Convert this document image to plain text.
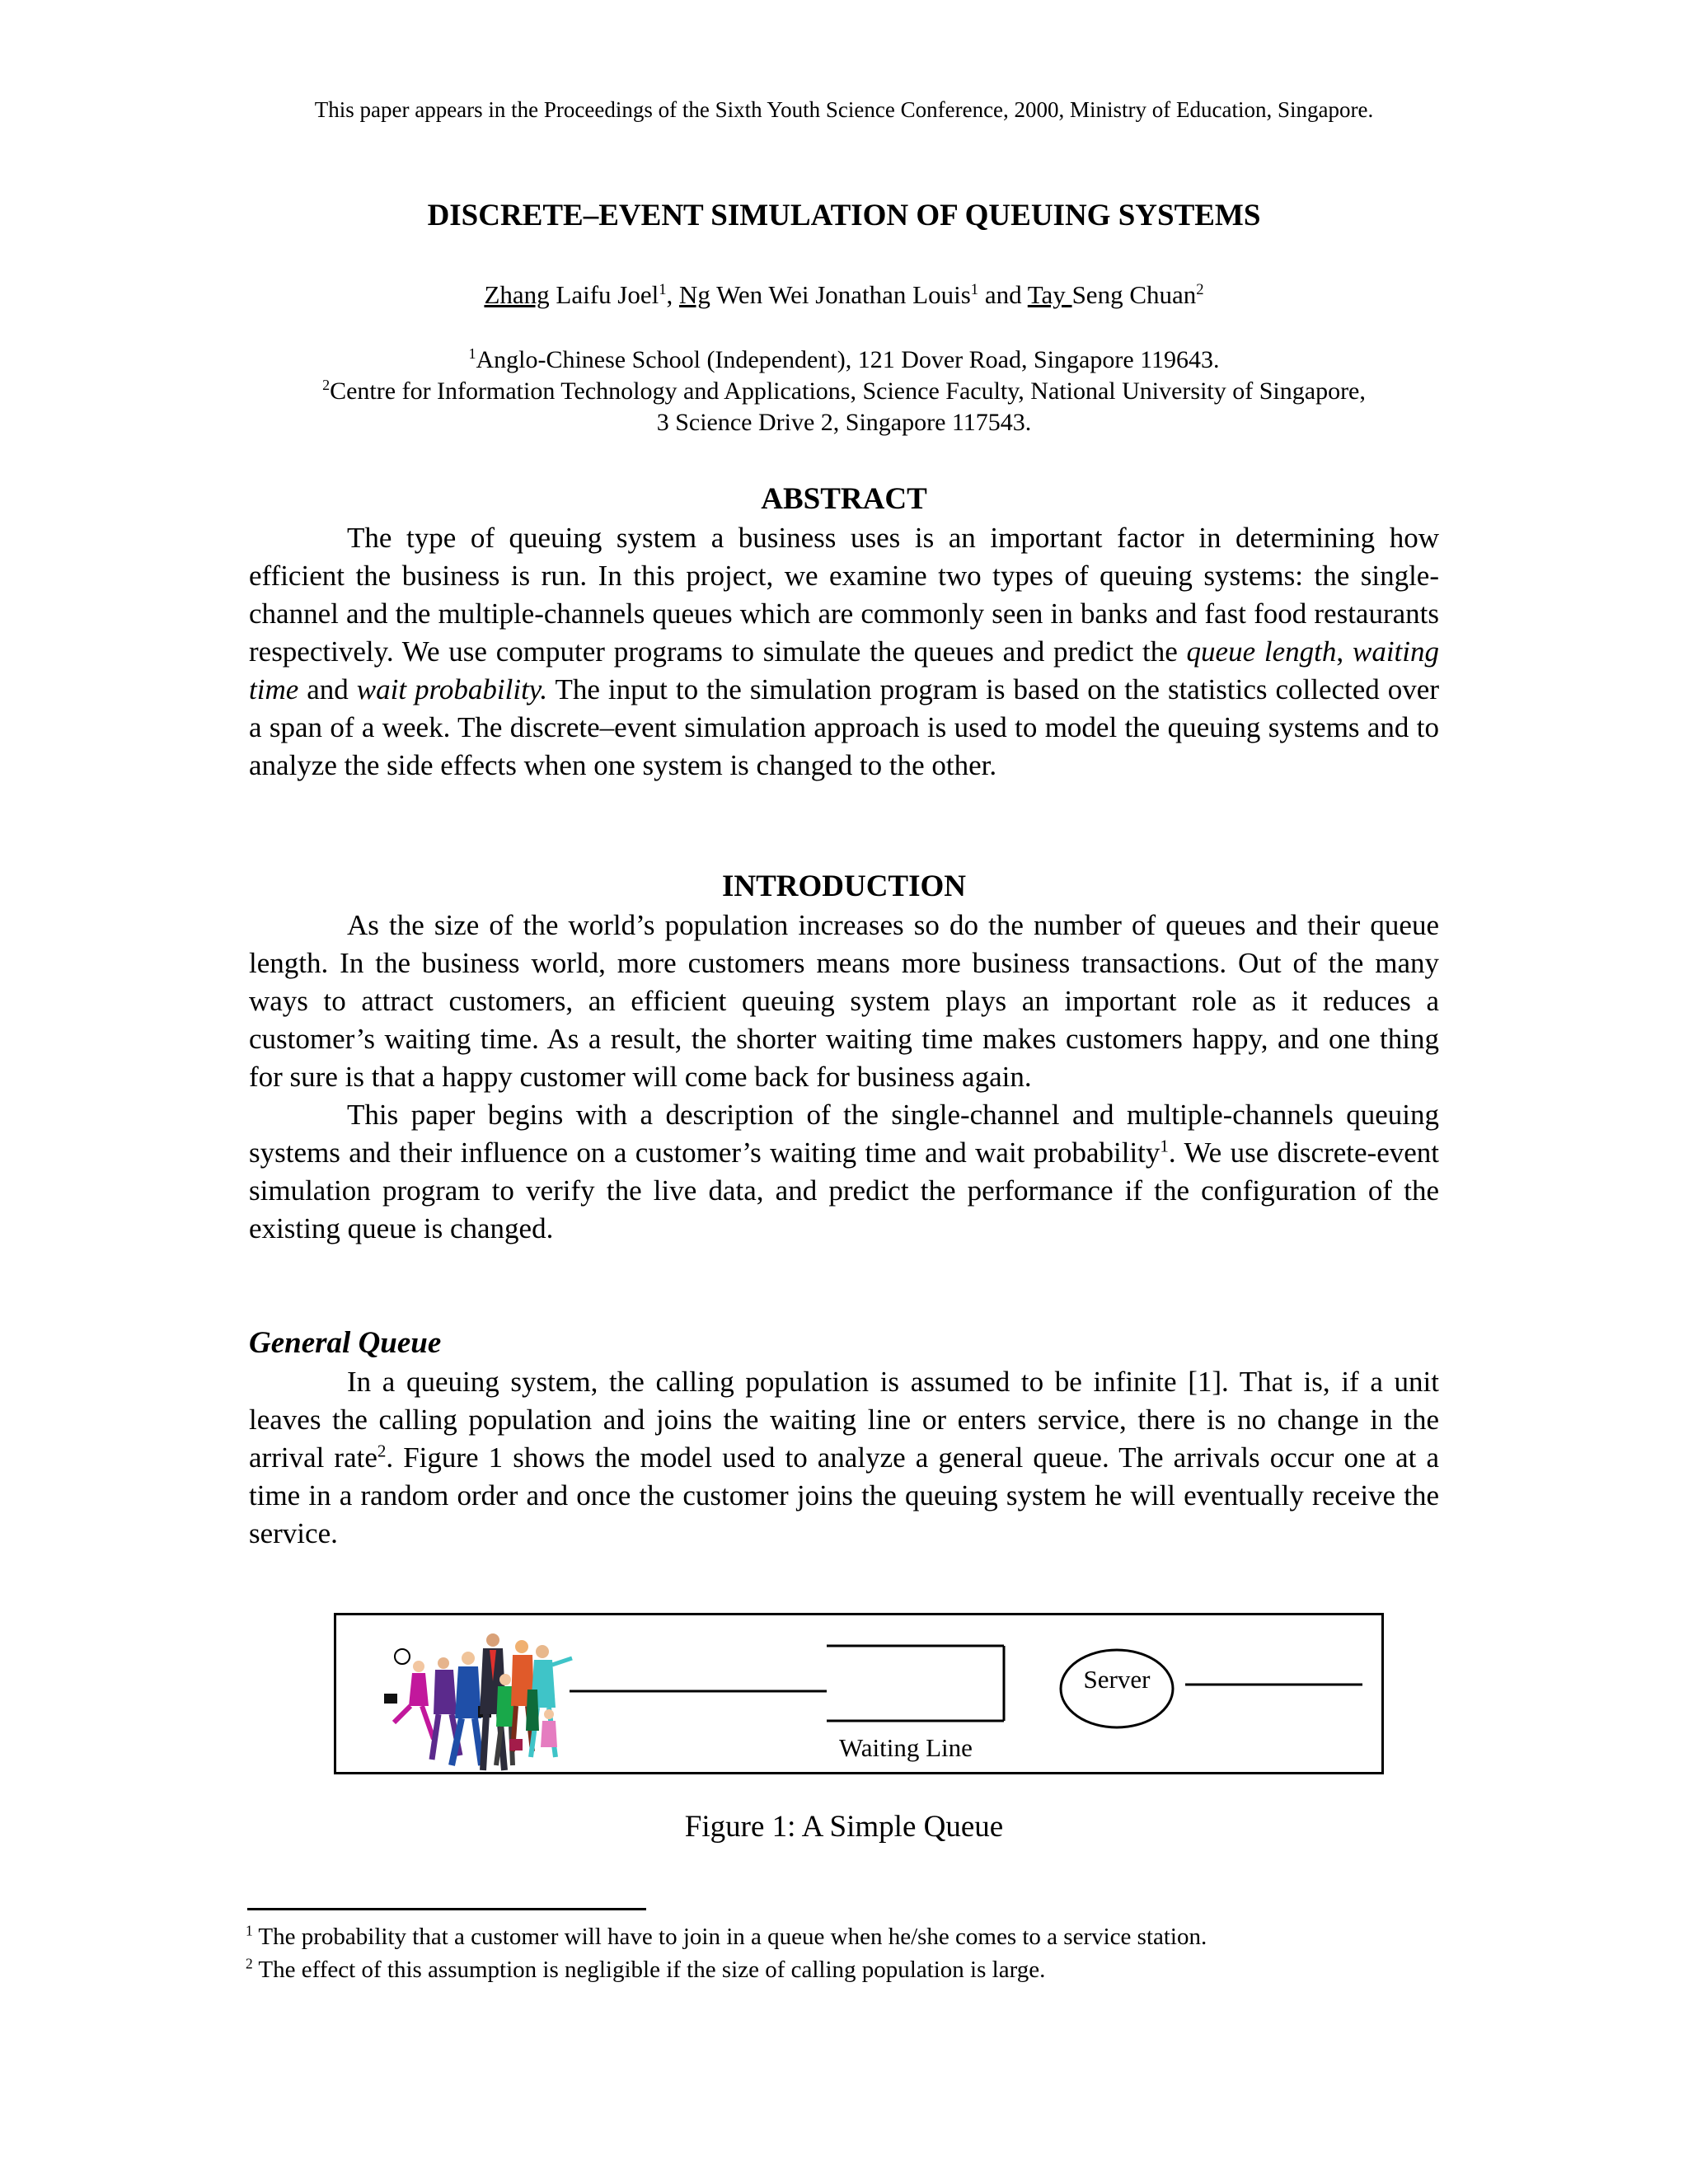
This paper appears in the Proceedings of the Sixth Youth Science Conference, 2000, Ministry of Education, Singapore.
DISCRETE–EVENT SIMULATION OF QUEUING SYSTEMS
Zhang Laifu Joel$^1$, Ng Wen Wei Jonathan Louis$^1$ and Tay Seng Chuan$^2$
$^1$Anglo-Chinese School (Independent), 121 Dover Road, Singapore 119643.
$^2$Centre for Information Technology and Applications, Science Faculty, National University of Singapore,
3 Science Drive 2, Singapore 117543.
ABSTRACT

The type of queuing system a business uses is an important factor in determining how efficient the business is run. In this project, we examine two types of queuing systems: the single-channel and the multiple-channels queues which are commonly seen in banks and fast food restaurants respectively. We use computer programs to simulate the queues and predict the queue length, waiting time and wait probability. The input to the simulation program is based on the statistics collected over a span of a week. The discrete–event simulation approach is used to model the queuing systems and to analyze the side effects when one system is changed to the other.

INTRODUCTION

As the size of the world’s population increases so do the number of queues and their queue length. In the business world, more customers means more business transactions. Out of the many ways to attract customers, an efficient queuing system plays an important role as it reduces a customer’s waiting time. As a result, the shorter waiting time makes customers happy, and one thing for sure is that a happy customer will come back for business again.

This paper begins with a description of the single-channel and multiple-channels queuing systems and their influence on a customer’s waiting time and wait probability$^1$. We use discrete-event simulation program to verify the live data, and predict the performance if the configuration of the existing queue is changed.

General Queue

In a queuing system, the calling population is assumed to be infinite [1]. That is, if a unit leaves the calling population and joins the waiting line or enters service, there is no change in the arrival rate$^2$. Figure 1 shows the model used to analyze a general queue. The arrivals occur one at a time in a random order and once the customer joins the queuing system he will eventually receive the service.

Server
Waiting Line
Figure 1: A Simple Queue
$^1$ The probability that a customer will have to join in a queue when he/she comes to a service station.
$^2$ The effect of this assumption is negligible if the size of calling population is large.
